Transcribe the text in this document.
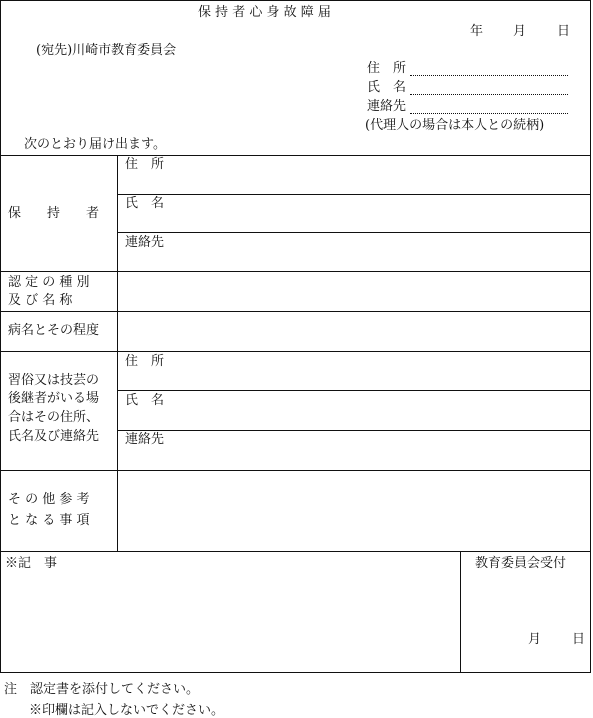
保 持 者 心 身 故 障 届
年 月 日
(宛先)川崎市教育委員会
住　所
氏　名
連絡先
(代理人の場合は本人との続柄)
次のとおり届け出ます。
保　　持　　者
住　所
氏　名
連絡先
認 定 の 種 別
及 び 名 称
病名とその程度
習俗又は技芸の
後継者がいる場
合はその住所、
氏名及び連絡先
住　所
氏　名
連絡先
そ の 他 参 考
と な る 事 項
※記　事	教育委員会受付
月 日
注　認定書を添付してください。
※印欄は記入しないでください。
